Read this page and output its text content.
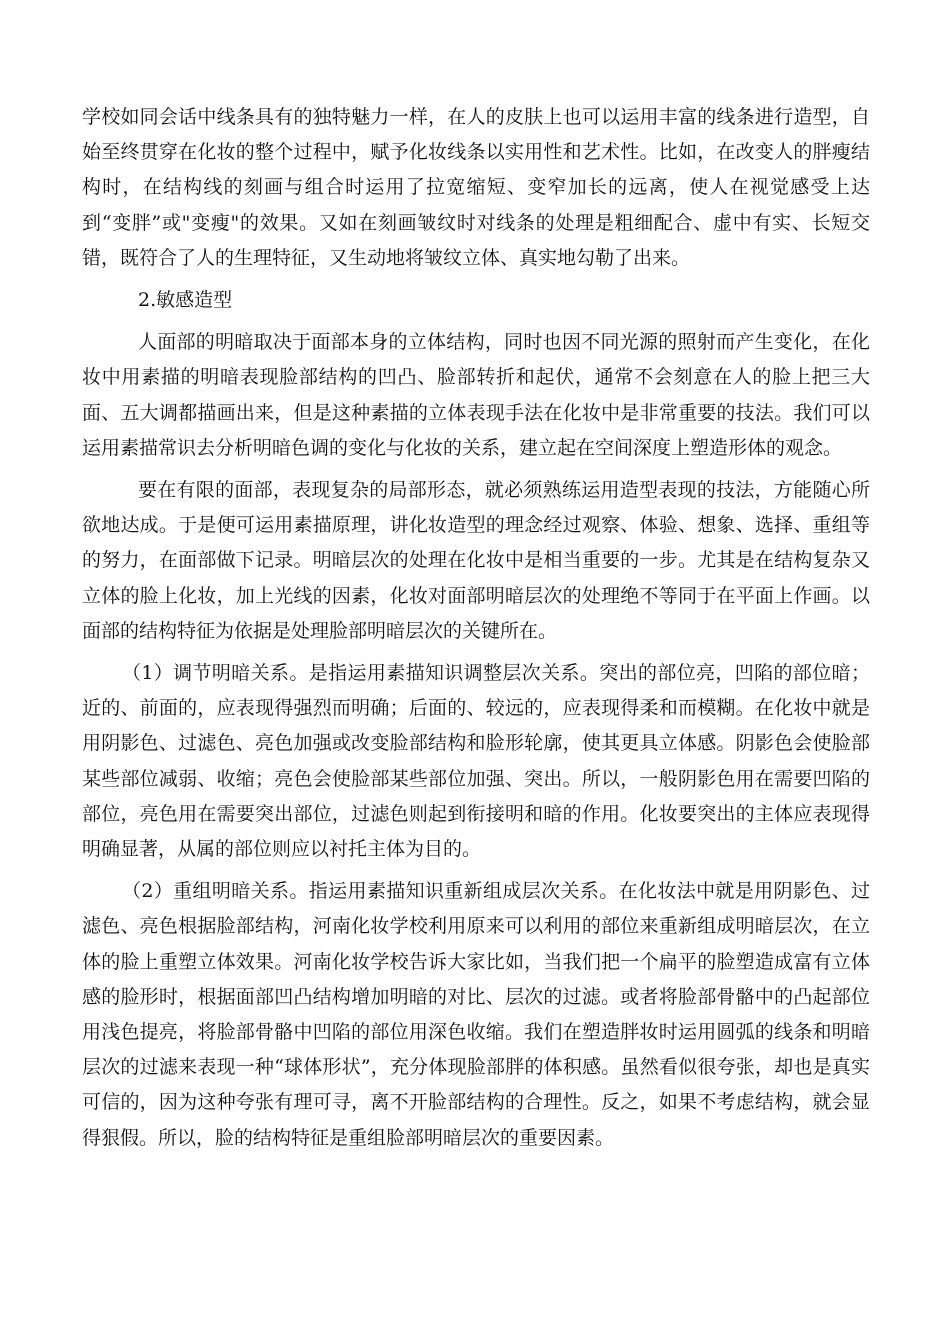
学校如同会话中线条具有的独特魅力一样，在人的皮肤上也可以运用丰富的线条进行造型，自始至终贯穿在化妆的整个过程中，赋予化妆线条以实用性和艺术性。比如，在改变人的胖瘦结构时，在结构线的刻画与组合时运用了拉宽缩短、变窄加长的远离，使人在视觉感受上达到“变胖”或"变瘦"的效果。又如在刻画皱纹时对线条的处理是粗细配合、虚中有实、长短交错，既符合了人的生理特征，又生动地将皱纹立体、真实地勾勒了出来。

2.敏感造型

人面部的明暗取决于面部本身的立体结构，同时也因不同光源的照射而产生变化，在化妆中用素描的明暗表现脸部结构的凹凸、脸部转折和起伏，通常不会刻意在人的脸上把三大面、五大调都描画出来，但是这种素描的立体表现手法在化妆中是非常重要的技法。我们可以运用素描常识去分析明暗色调的变化与化妆的关系，建立起在空间深度上塑造形体的观念。

要在有限的面部，表现复杂的局部形态，就必须熟练运用造型表现的技法，方能随心所欲地达成。于是便可运用素描原理，讲化妆造型的理念经过观察、体验、想象、选择、重组等的努力，在面部做下记录。明暗层次的处理在化妆中是相当重要的一步。尤其是在结构复杂又立体的脸上化妆，加上光线的因素，化妆对面部明暗层次的处理绝不等同于在平面上作画。以面部的结构特征为依据是处理脸部明暗层次的关键所在。

（1）调节明暗关系。是指运用素描知识调整层次关系。突出的部位亮，凹陷的部位暗；近的、前面的，应表现得强烈而明确；后面的、较远的，应表现得柔和而模糊。在化妆中就是用阴影色、过滤色、亮色加强或改变脸部结构和脸形轮廓，使其更具立体感。阴影色会使脸部某些部位减弱、收缩；亮色会使脸部某些部位加强、突出。所以，一般阴影色用在需要凹陷的部位，亮色用在需要突出部位，过滤色则起到衔接明和暗的作用。化妆要突出的主体应表现得明确显著，从属的部位则应以衬托主体为目的。

（2）重组明暗关系。指运用素描知识重新组成层次关系。在化妆法中就是用阴影色、过滤色、亮色根据脸部结构，河南化妆学校利用原来可以利用的部位来重新组成明暗层次，在立体的脸上重塑立体效果。河南化妆学校告诉大家比如，当我们把一个扁平的脸塑造成富有立体感的脸形时，根据面部凹凸结构增加明暗的对比、层次的过滤。或者将脸部骨骼中的凸起部位用浅色提亮，将脸部骨骼中凹陷的部位用深色收缩。我们在塑造胖妆时运用圆弧的线条和明暗层次的过滤来表现一种“球体形状”，充分体现脸部胖的体积感。虽然看似很夸张，却也是真实可信的，因为这种夸张有理可寻，离不开脸部结构的合理性。反之，如果不考虑结构，就会显得狠假。所以，脸的结构特征是重组脸部明暗层次的重要因素。
